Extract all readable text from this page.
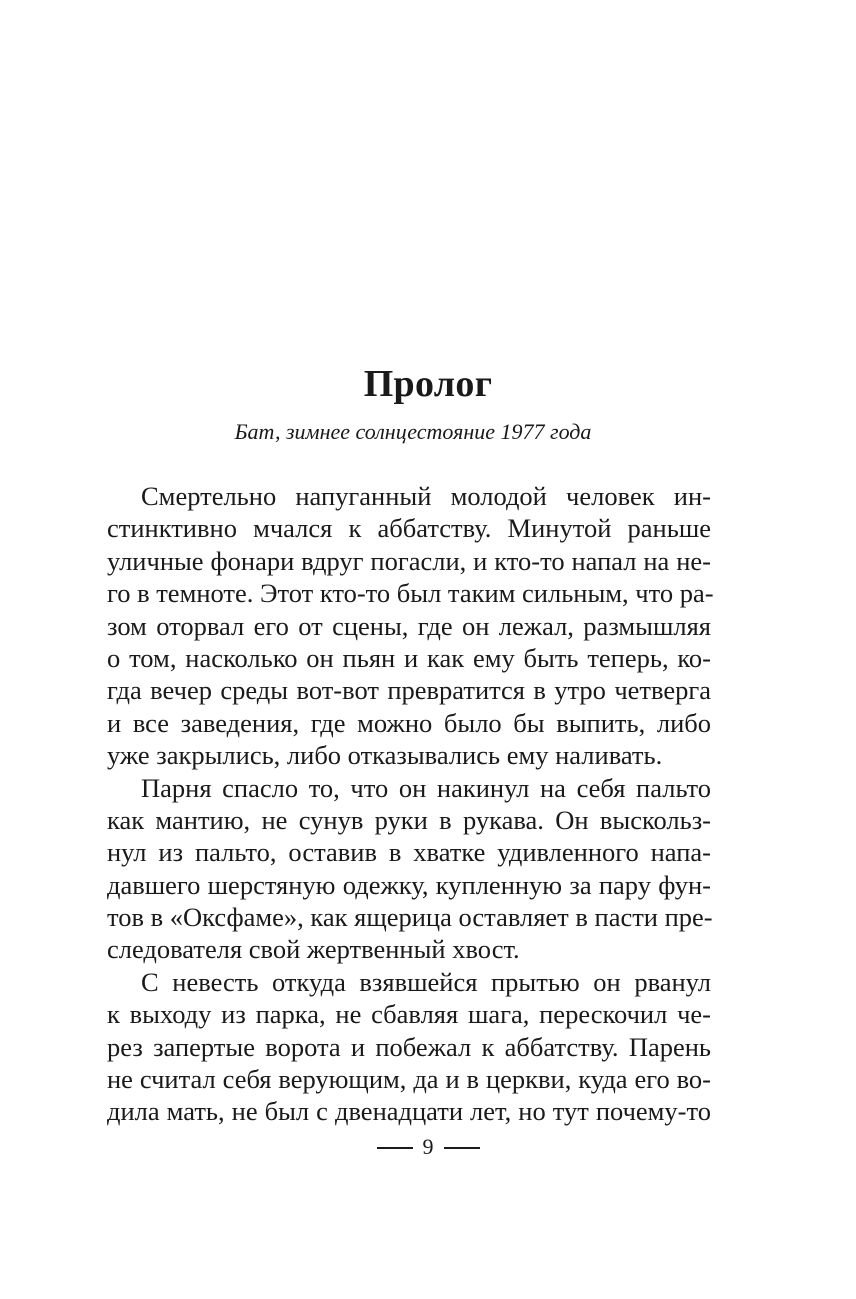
Пролог
Бат, зимнее солнцестояние 1977 года
Смертельно напуганный молодой человек ин-
стинктивно мчался к аббатству. Минутой раньше
уличные фонари вдруг погасли, и кто-то напал на не-
го в темноте. Этот кто-то был таким сильным, что ра-
зом оторвал его от сцены, где он лежал, размышляя
о том, насколько он пьян и как ему быть теперь, ко-
гда вечер среды вот-вот превратится в утро четверга
и все заведения, где можно было бы выпить, либо
уже закрылись, либо отказывались ему наливать.
Парня спасло то, что он накинул на себя пальто
как мантию, не сунув руки в рукава. Он выскольз-
нул из пальто, оставив в хватке удивленного напа-
давшего шерстяную одежку, купленную за пару фун-
тов в «Оксфаме», как ящерица оставляет в пасти пре-
следователя свой жертвенный хвост.
С невесть откуда взявшейся прытью он рванул
к выходу из парка, не сбавляя шага, перескочил че-
рез запертые ворота и побежал к аббатству. Парень
не считал себя верующим, да и в церкви, куда его во-
дила мать, не был с двенадцати лет, но тут почему-то
9
